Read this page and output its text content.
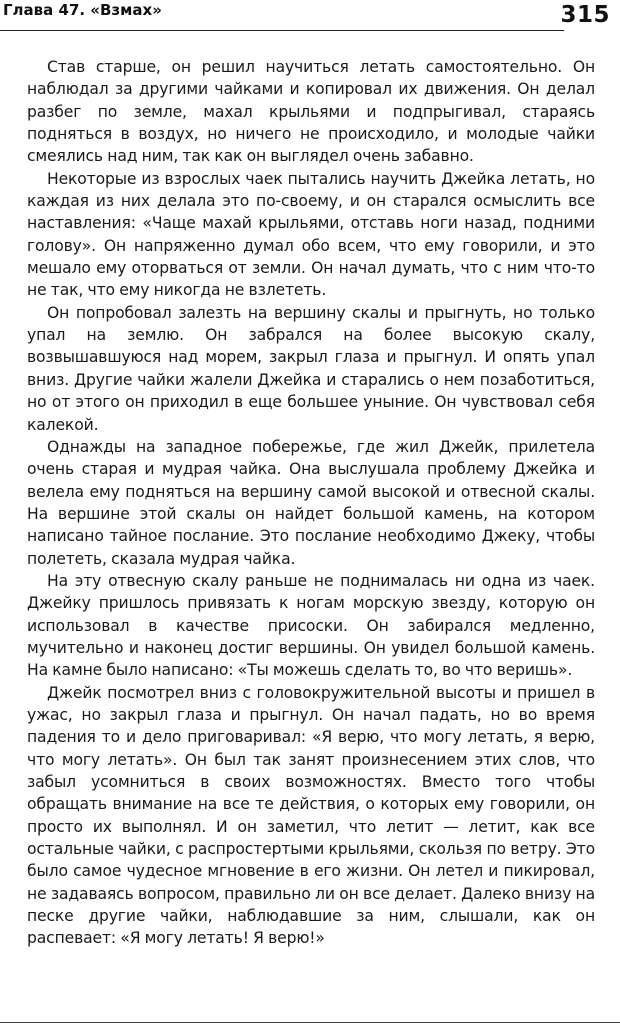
Глава 47. «Взмах»	315

Став старше, он решил научиться летать самостоятельно. Он наблюдал за другими чайками и копировал их движения. Он делал разбег по земле, махал крыльями и подпрыгивал, стараясь подняться в воздух, но ничего не происходило, и молодые чайки смеялись над ним, так как он выглядел очень забавно.

Некоторые из взрослых чаек пытались научить Джейка летать, но каждая из них делала это по-своему, и он старался осмыслить все наставления: «Чаще махай крыльями, отставь ноги назад, подними голову». Он напряженно думал обо всем, что ему говорили, и это мешало ему оторваться от земли. Он начал думать, что с ним что-то не так, что ему никогда не взлететь.

Он попробовал залезть на вершину скалы и прыгнуть, но только упал на землю. Он забрался на более высокую скалу, возвышавшуюся над морем, закрыл глаза и прыгнул. И опять упал вниз. Другие чайки жалели Джейка и старались о нем позаботиться, но от этого он приходил в еще большее уныние. Он чувствовал себя калекой.

Однажды на западное побережье, где жил Джейк, прилетела очень старая и мудрая чайка. Она выслушала проблему Джейка и велела ему подняться на вершину самой высокой и отвесной скалы. На вершине этой скалы он найдет большой камень, на котором написано тайное послание. Это послание необходимо Джеку, чтобы полететь, сказала мудрая чайка.

На эту отвесную скалу раньше не поднималась ни одна из чаек. Джейку пришлось привязать к ногам морскую звезду, которую он использовал в качестве присоски. Он забирался медленно, мучительно и наконец достиг вершины. Он увидел большой камень. На камне было написано: «Ты можешь сделать то, во что веришь».

Джейк посмотрел вниз с головокружительной высоты и пришел в ужас, но закрыл глаза и прыгнул. Он начал падать, но во время падения то и дело приговаривал: «Я верю, что могу летать, я верю, что могу летать». Он был так занят произнесением этих слов, что забыл усомниться в своих возможностях. Вместо того чтобы обращать внимание на все те действия, о которых ему говорили, он просто их выполнял. И он заметил, что летит — летит, как все остальные чайки, с распростертыми крыльями, скользя по ветру. Это было самое чудесное мгновение в его жизни. Он летел и пикировал, не задаваясь вопросом, правильно ли он все делает. Далеко внизу на песке другие чайки, наблюдавшие за ним, слышали, как он распевает: «Я могу летать! Я верю!»
